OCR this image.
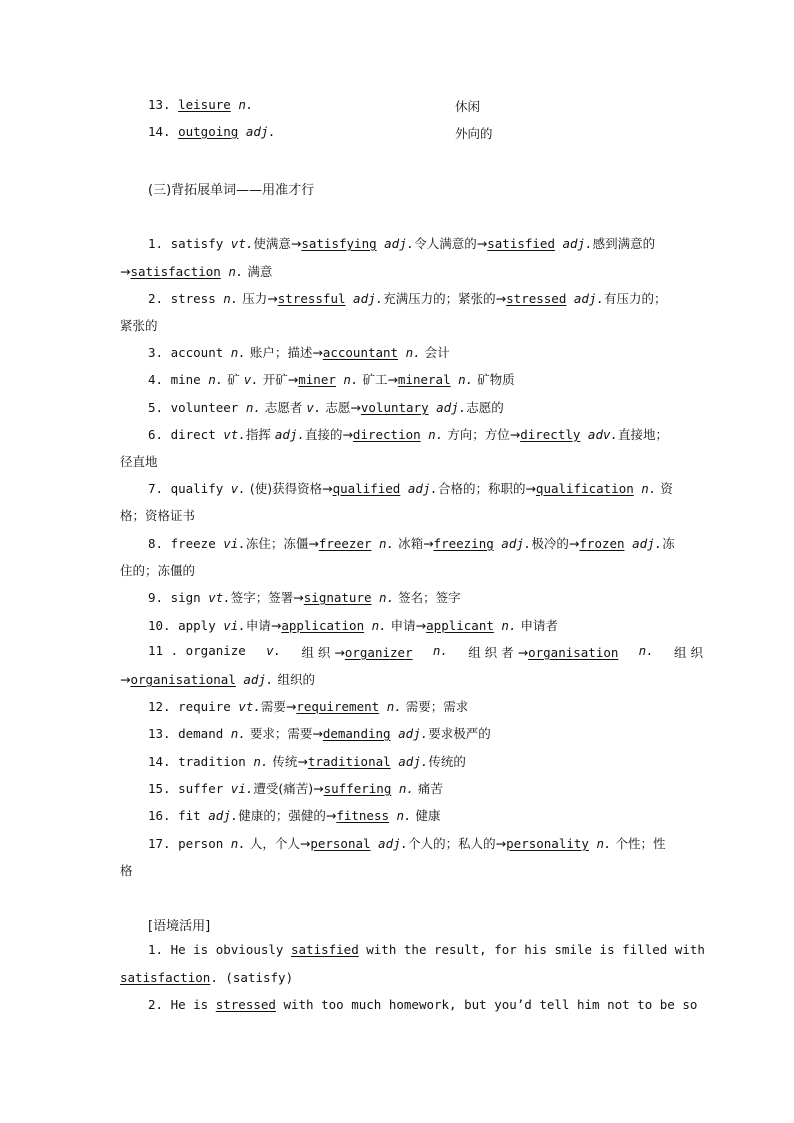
13. leisure n.	休闲
14. outgoing adj.	外向的
(三)背拓展单词——用准才行
1. satisfy vt.使满意→satisfying adj.令人满意的→satisfied adj.感到满意的
→satisfaction n. 满意
2. stress n. 压力→stressful adj.充满压力的；紧张的→stressed adj.有压力的；
紧张的
3. account n. 账户；描述→accountant n. 会计
4. mine n. 矿 v. 开矿→miner n. 矿工→mineral n. 矿物质
5. volunteer n. 志愿者 v. 志愿→voluntary adj.志愿的
6. direct vt.指挥 adj.直接的→direction n. 方向；方位→directly adv.直接地；
径直地
7. qualify v. (使)获得资格→qualified adj.合格的；称职的→qualification n. 资
格；资格证书
8. freeze vi.冻住；冻僵→freezer n. 冰箱→freezing adj.极冷的→frozen adj.冻
住的；冻僵的
9. sign vt.签字；签署→signature n. 签名；签字
10. apply vi.申请→application n. 申请→applicant n. 申请者
11 . organize v. 组 织 →organizer n. 组 织 者 →organisation n. 组 织
→organisational adj. 组织的
12. require vt.需要→requirement n. 需要；需求
13. demand n. 要求；需要→demanding adj.要求极严的
14. tradition n. 传统→traditional adj.传统的
15. suffer vi.遭受(痛苦)→suffering n. 痛苦
16. fit adj.健康的；强健的→fitness n. 健康
17. person n. 人，个人→personal adj.个人的；私人的→personality n. 个性；性
格
[语境活用]
1. He is obviously satisfied with the result, for his smile is filled with
satisfaction. (satisfy)
2. He is stressed with too much homework, but you’d tell him not to be so
